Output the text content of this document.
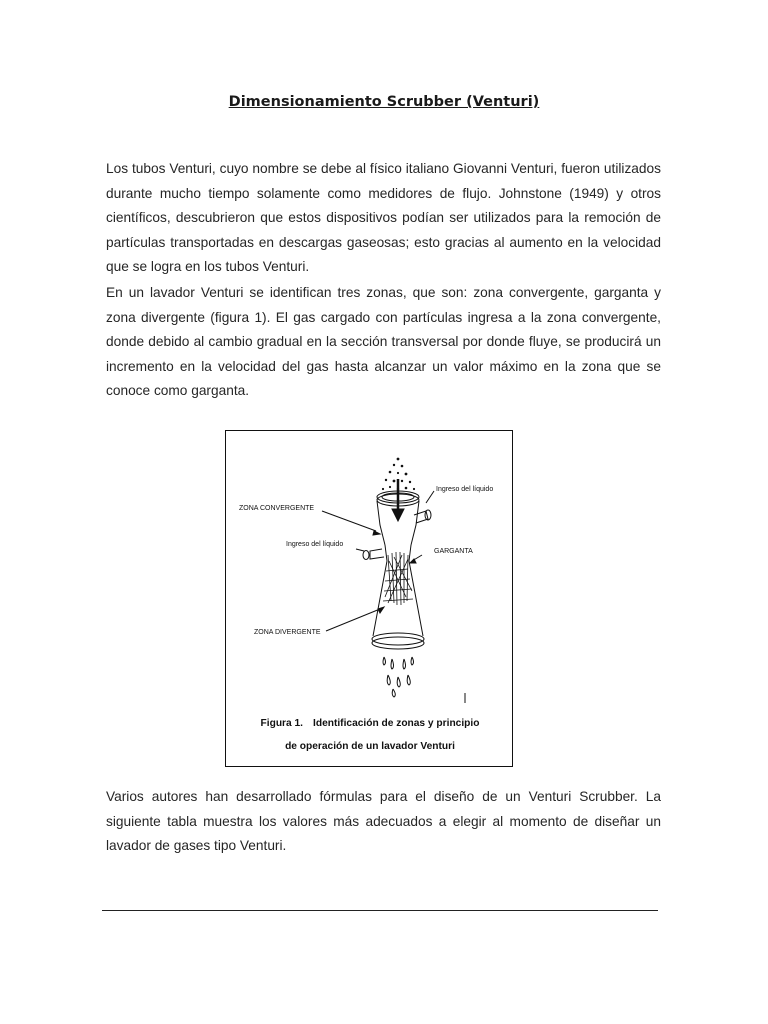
Dimensionamiento Scrubber (Venturi)
Los tubos Venturi, cuyo nombre se debe al físico italiano Giovanni Venturi, fueron utilizados durante mucho tiempo solamente como medidores de flujo. Johnstone (1949) y otros científicos, descubrieron que estos dispositivos podían ser utilizados para la remoción de partículas transportadas en descargas gaseosas; esto gracias al aumento en la velocidad que se logra en los tubos Venturi.
En un lavador Venturi se identifican tres zonas, que son: zona convergente, garganta y zona divergente (figura 1). El gas cargado con partículas ingresa a la zona convergente, donde debido al cambio gradual en la sección transversal por donde fluye, se producirá un incremento en la velocidad del gas hasta alcanzar un valor máximo en la zona que se conoce como garganta.
ZONA CONVERGENTE
Ingreso del líquido
Ingreso del líquido
GARGANTA
ZONA DIVERGENTE
Figura 1. Identificación de zonas y principio
de operación de un lavador Venturi
Varios autores han desarrollado fórmulas para el diseño de un Venturi Scrubber. La siguiente tabla muestra los valores más adecuados a elegir al momento de diseñar un lavador de gases tipo Venturi.
